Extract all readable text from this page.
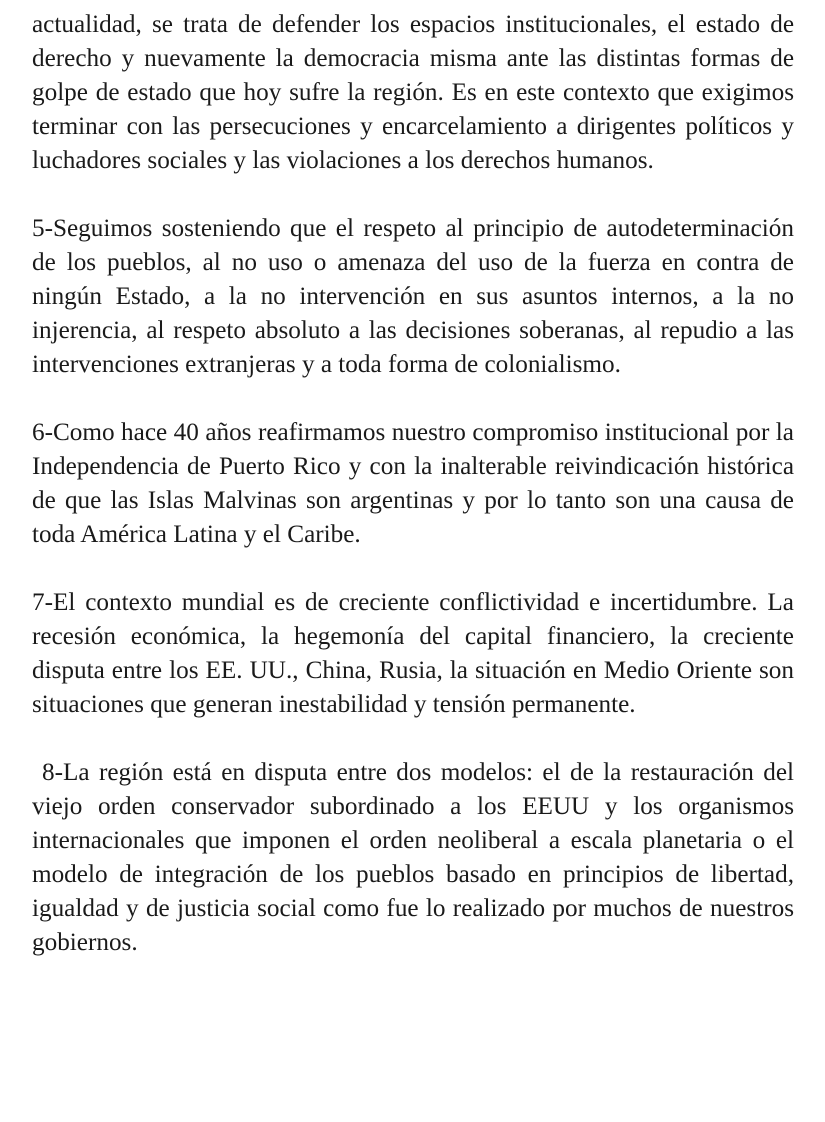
actualidad, se trata de defender los espacios institucionales, el estado de derecho y nuevamente la democracia misma ante las distintas formas de golpe de estado que hoy sufre la región. Es en este contexto que exigimos terminar con las persecuciones y encarcelamiento a dirigentes políticos y luchadores sociales y las violaciones a los derechos humanos.

5-Seguimos sosteniendo que el respeto al principio de autodeterminación de los pueblos, al no uso o amenaza del uso de la fuerza en contra de ningún Estado, a la no intervención en sus asuntos internos, a la no injerencia, al respeto absoluto a las decisiones soberanas, al repudio a las intervenciones extranjeras y a toda forma de colonialismo.

6-Como hace 40 años reafirmamos nuestro compromiso institucional por la Independencia de Puerto Rico y con la inalterable reivindicación histórica de que las Islas Malvinas son argentinas y por lo tanto son una causa de toda América Latina y el Caribe.

7-El contexto mundial es de creciente conflictividad e incertidumbre. La recesión económica, la hegemonía del capital financiero, la creciente disputa entre los EE. UU., China, Rusia, la situación en Medio Oriente son situaciones que generan inestabilidad y tensión permanente.

8-La región está en disputa entre dos modelos: el de la restauración del viejo orden conservador subordinado a los EEUU y los organismos internacionales que imponen el orden neoliberal a escala planetaria o el modelo de integración de los pueblos basado en principios de libertad, igualdad y de justicia social como fue lo realizado por muchos de nuestros gobiernos.
